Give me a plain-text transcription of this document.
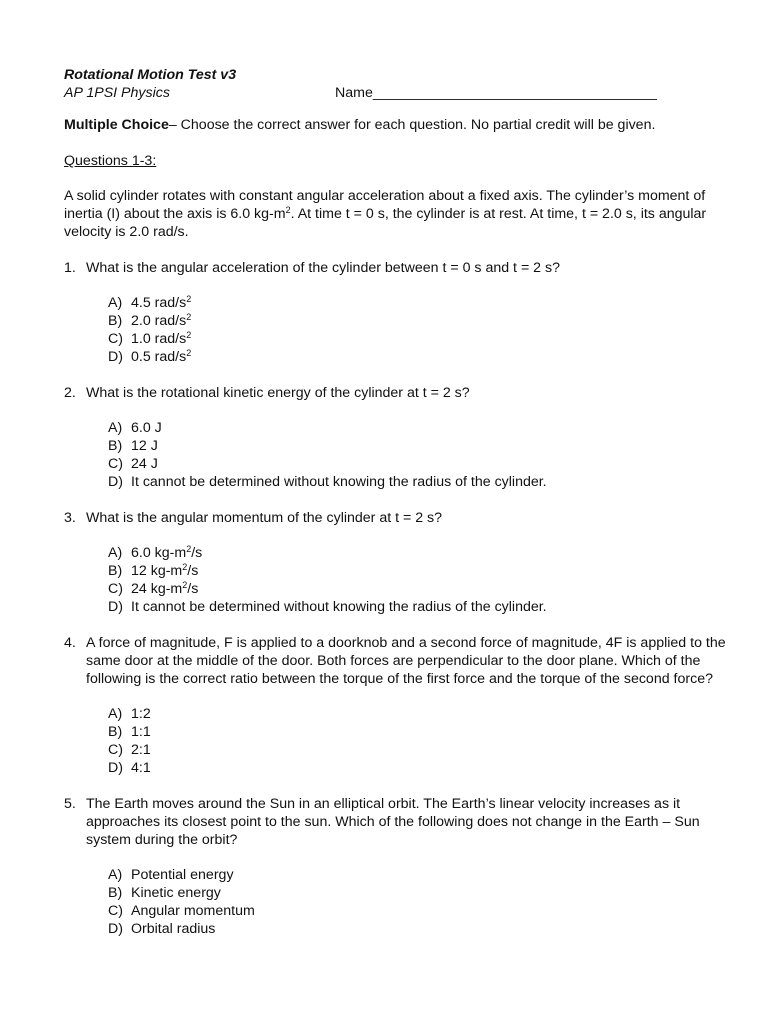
Rotational Motion Test v3
AP 1PSI Physics	Name____________________________________
Multiple Choice– Choose the correct answer for each question. No partial credit will be given.
Questions 1-3:
A solid cylinder rotates with constant angular acceleration about a fixed axis. The cylinder’s moment of inertia (I) about the axis is 6.0 $kg-m^2$. At time t = 0 s, the cylinder is at rest. At time, t = 2.0 s, its angular velocity is 2.0 rad/s.
1. What is the angular acceleration of the cylinder between t = 0 s and t = 2 s?
A) 4.5 rad/$s^2$
B) 2.0 rad/$s^2$
C) 1.0 rad/$s^2$
D) 0.5 rad/$s^2$
2. What is the rotational kinetic energy of the cylinder at t = 2 s?
A) 6.0 J
B) 12 J
C) 24 J
D) It cannot be determined without knowing the radius of the cylinder.
3. What is the angular momentum of the cylinder at t = 2 s?
A) 6.0 $kg-m^2/s$
B) 12 $kg-m^2/s$
C) 24 $kg-m^2/s$
D) It cannot be determined without knowing the radius of the cylinder.
4. A force of magnitude, F is applied to a doorknob and a second force of magnitude, 4F is applied to the same door at the middle of the door. Both forces are perpendicular to the door plane. Which of the following is the correct ratio between the torque of the first force and the torque of the second force?
A) 1:2
B) 1:1
C) 2:1
D) 4:1
5. The Earth moves around the Sun in an elliptical orbit. The Earth’s linear velocity increases as it approaches its closest point to the sun. Which of the following does not change in the Earth – Sun system during the orbit?
A) Potential energy
B) Kinetic energy
C) Angular momentum
D) Orbital radius
